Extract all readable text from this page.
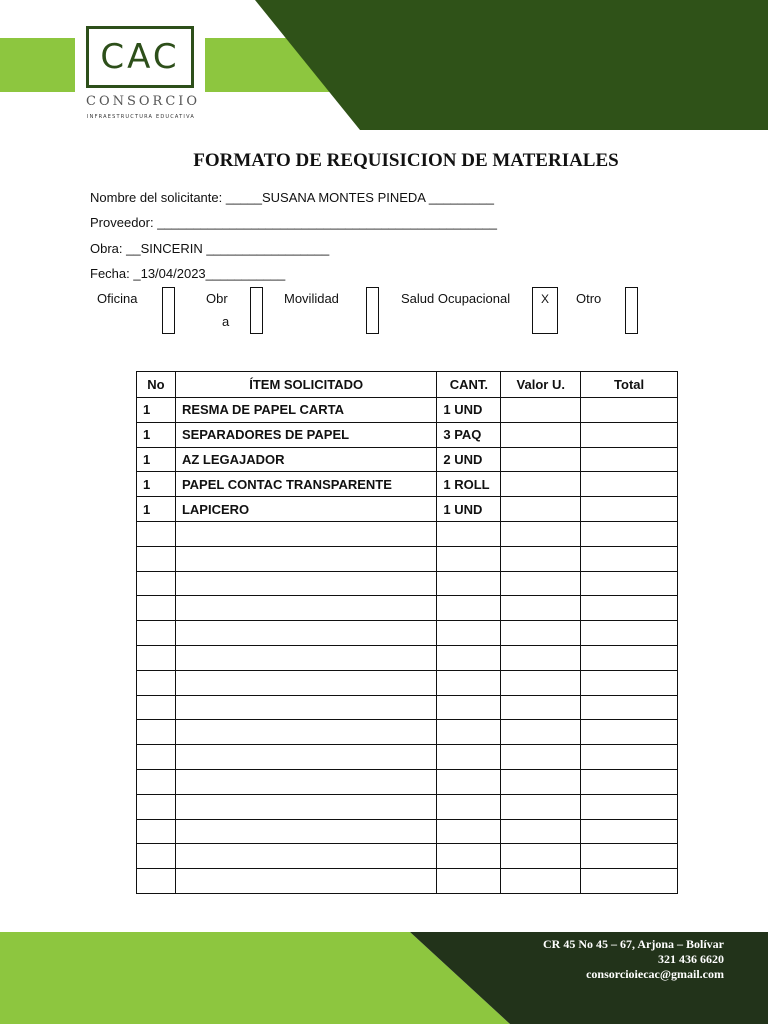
CAC
CONSORCIO
INFRAESTRUCTURA EDUCATIVA
FORMATO DE REQUISICION DE MATERIALES
Nombre del solicitante: _____SUSANA MONTES PINEDA _________
Proveedor: _______________________________________________
Obra: __SINCERIN _________________
Fecha: _13/04/2023___________
Oficina	Obr
a
Movilidad	Salud Ocupacional	X	Otro
No	ÍTEM SOLICITADO	CANT.	Valor U.	Total
1	RESMA DE PAPEL CARTA	1 UND		
1	SEPARADORES DE PAPEL	3 PAQ		
1	AZ LEGAJADOR	2 UND		
1	PAPEL CONTAC TRANSPARENTE	1 ROLL		
1	LAPICERO	1 UND		

CR 45 No 45 – 67, Arjona – Bolívar
321 436 6620
consorcioiecac@gmail.com
